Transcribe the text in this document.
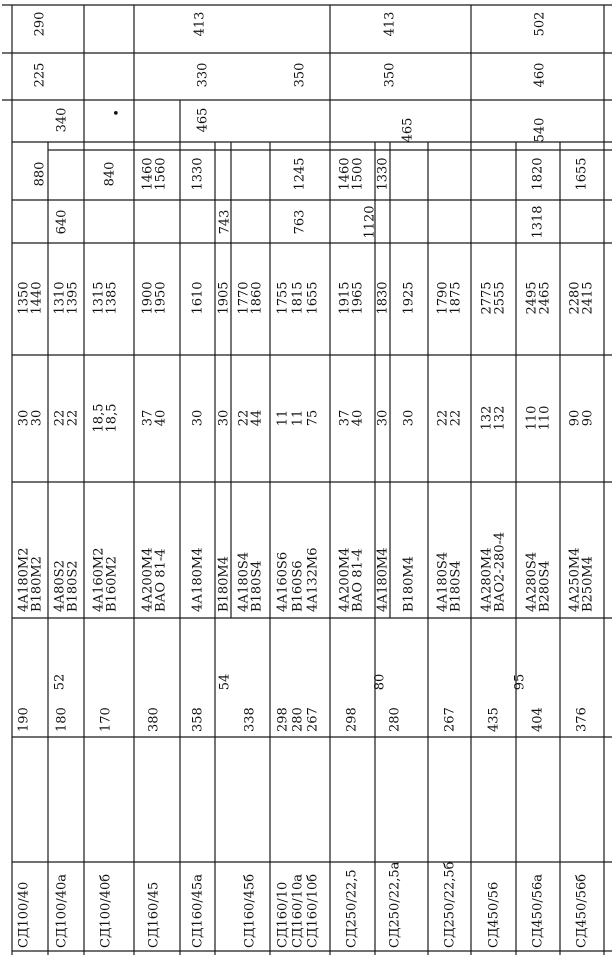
290
225
340
880
640
1350
1440
30
30
4А180М2
В180М2
190
СД100/40
52
•
1310
1395
22
22
4А80S2
В180S2
180
СД100/40а
840
1315
1385
18,5
18,5
4А160М2
В160М2
170
СД100/40б
1460
1560
1900
1950
37
40
4А200М4
ВАО 81-4
380
СД160/45
413
330
465
743
54
1330
1610
30
4А180М4
358
СД160/45а
1905
30
В180М4
1770
1860
22
44
4А180S4
В180S4
338
СД160/45б
350
1245
763
1755 1815 1655
11 11 75
4А160S6 В160S6 4А132М6
298 280 267
СД160/10 СД160/10а СД160/10б
1460
1500
1915
1965
37
40
4А200М4
ВАО 81-4
298
СД250/22,5
413
350
465
1120
80
1330
1830
30
4А180М4
280
СД250/22,5а
1925
30
В180М4
1790
1875
22
22
4А180S4
В180S4
267
СД250/22,5б
2775
2555
132
132
4А280М4
ВАО2-280-4
435
СД450/56
502
460
540
1820
1318
95
2495
2465
110
110
4А280S4
В280S4
404
СД450/56а
1655
2280
2415
90
90
4А250М4
В250М4
376
СД450/56б
